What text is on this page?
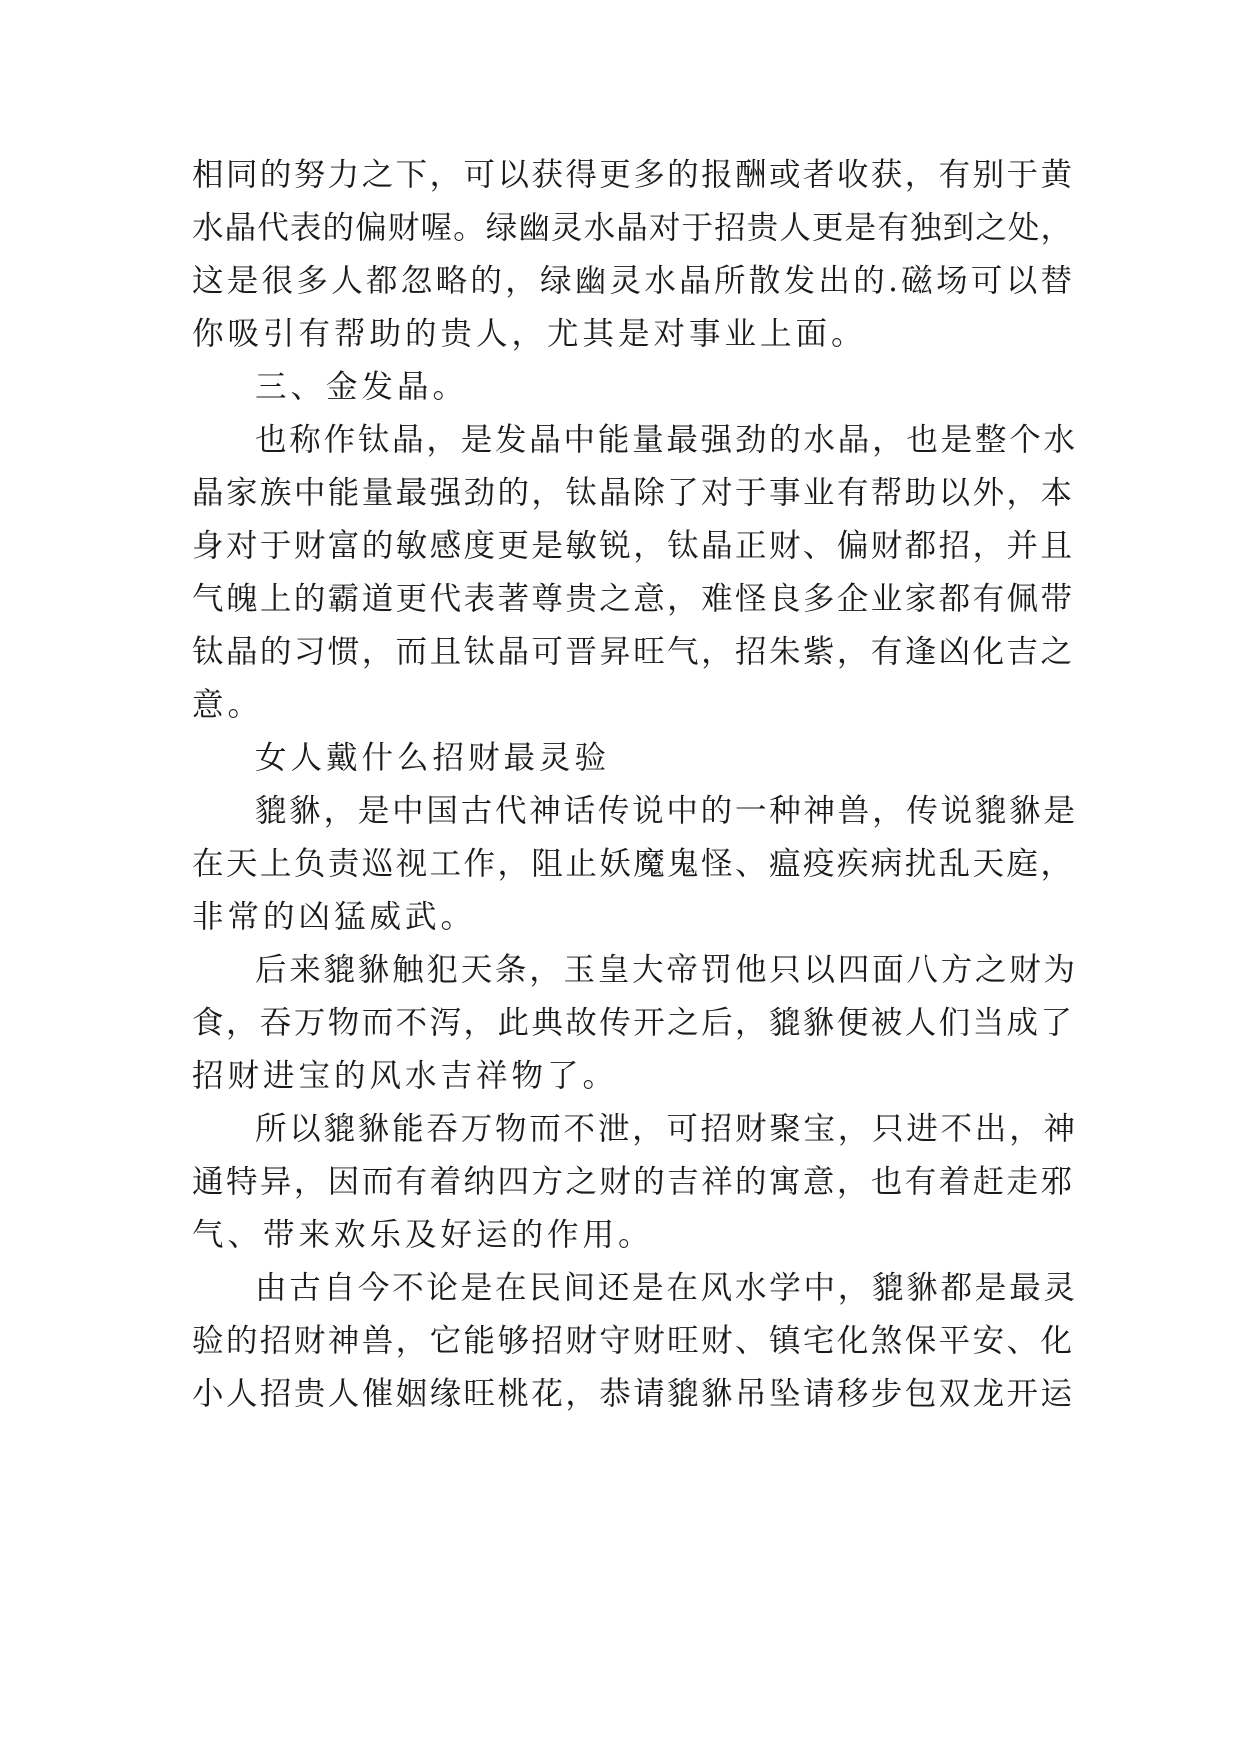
相同的努力之下，可以获得更多的报酬或者收获，有别于黄
水晶代表的偏财喔。绿幽灵水晶对于招贵人更是有独到之处，
这是很多人都忽略的，绿幽灵水晶所散发出的.磁场可以替
你吸引有帮助的贵人，尤其是对事业上面。
三、金发晶。
也称作钛晶，是发晶中能量最强劲的水晶，也是整个水
晶家族中能量最强劲的，钛晶除了对于事业有帮助以外，本
身对于财富的敏感度更是敏锐，钛晶正财、偏财都招，并且
气魄上的霸道更代表著尊贵之意，难怪良多企业家都有佩带
钛晶的习惯，而且钛晶可晋昇旺气，招朱紫，有逢凶化吉之
意。
女人戴什么招财最灵验
貔貅，是中国古代神话传说中的一种神兽，传说貔貅是
在天上负责巡视工作，阻止妖魔鬼怪、瘟疫疾病扰乱天庭，
非常的凶猛威武。
后来貔貅触犯天条，玉皇大帝罚他只以四面八方之财为
食，吞万物而不泻，此典故传开之后，貔貅便被人们当成了
招财进宝的风水吉祥物了。
所以貔貅能吞万物而不泄，可招财聚宝，只进不出，神
通特异，因而有着纳四方之财的吉祥的寓意，也有着赶走邪
气、带来欢乐及好运的作用。
由古自今不论是在民间还是在风水学中，貔貅都是最灵
验的招财神兽，它能够招财守财旺财、镇宅化煞保平安、化
小人招贵人催姻缘旺桃花，恭请貔貅吊坠请移步包双龙开运
